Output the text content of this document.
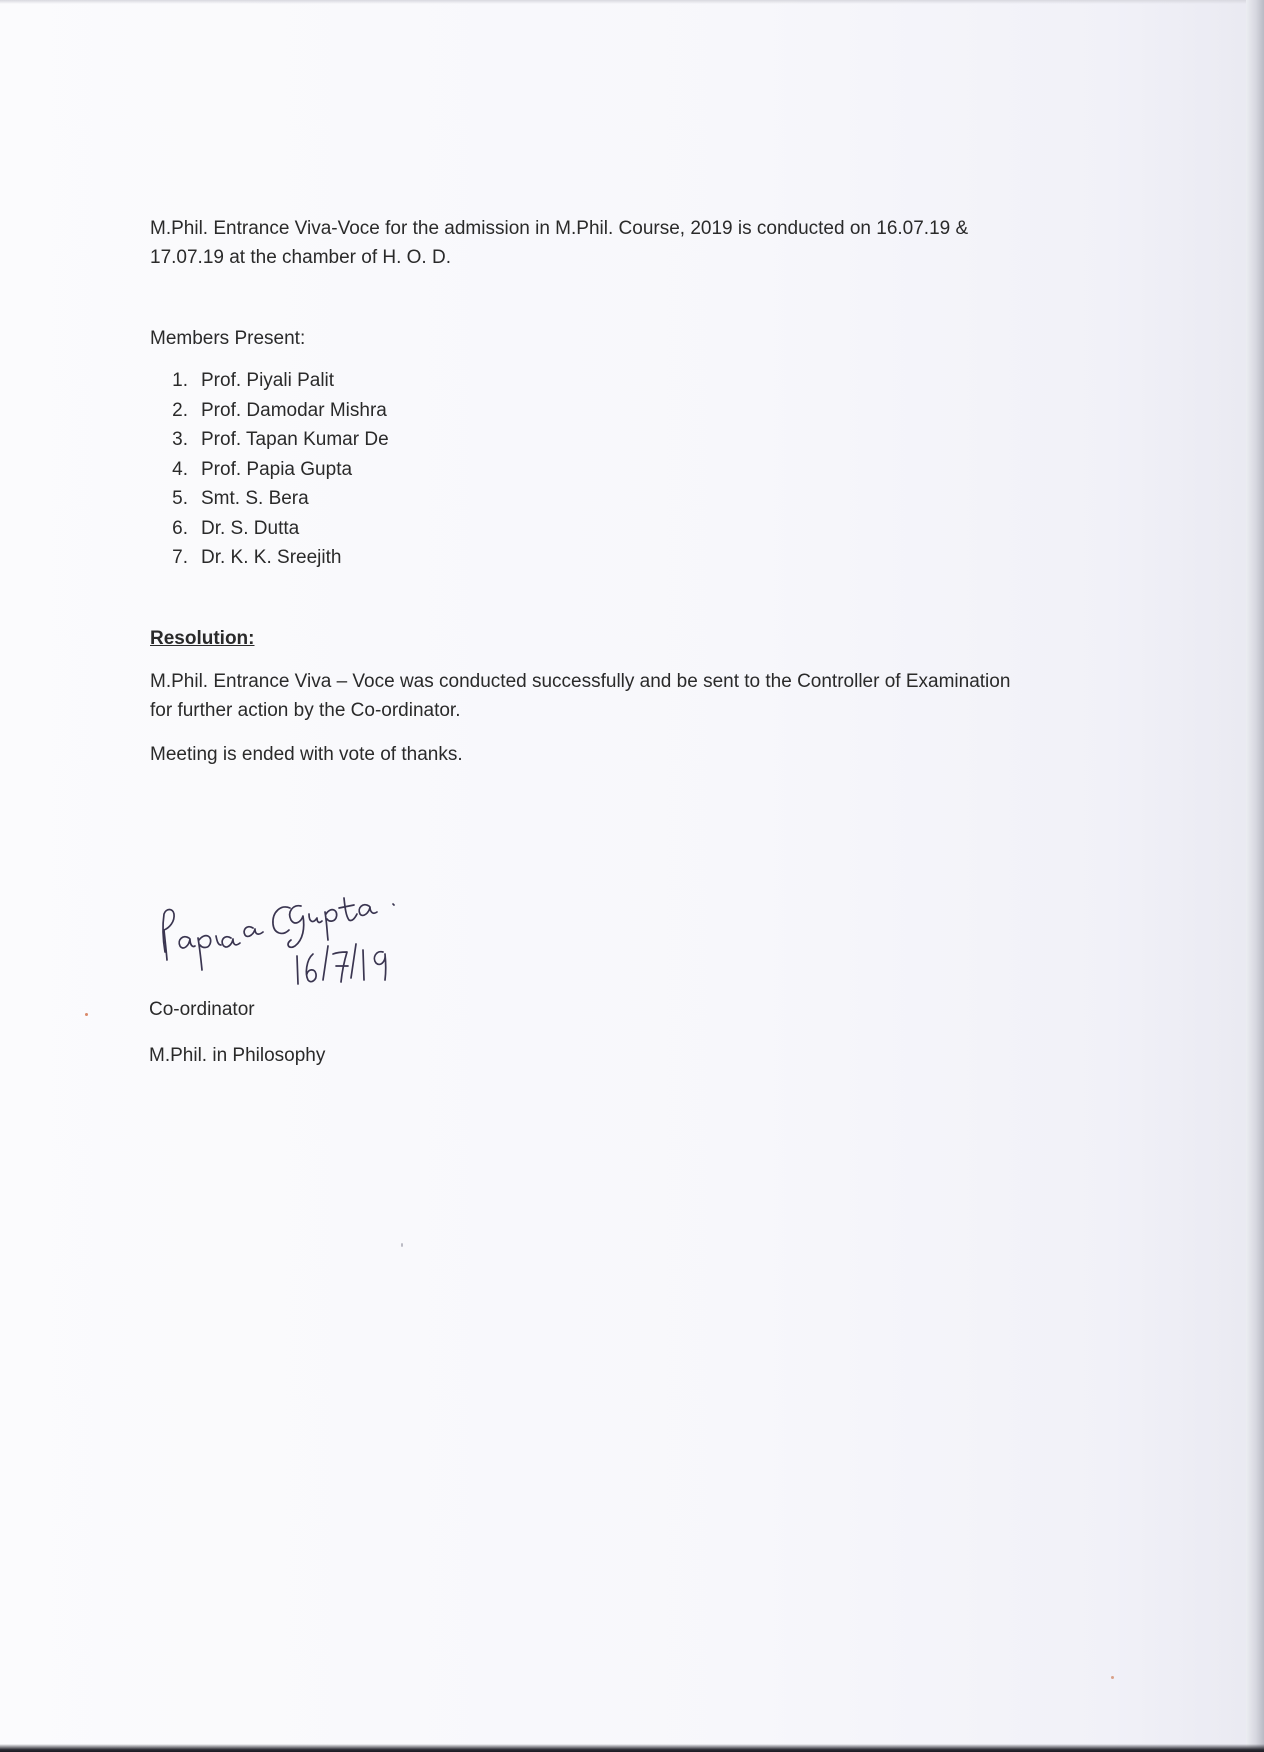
M.Phil. Entrance Viva-Voce for the admission in M.Phil. Course, 2019 is conducted on 16.07.19 &

17.07.19 at the chamber of H. O. D.

Members Present:

1. Prof. Piyali Palit
2. Prof. Damodar Mishra
3. Prof. Tapan Kumar De
4. Prof. Papia Gupta
5. Smt. S. Bera
6. Dr. S. Dutta
7. Dr. K. K. Sreejith

Resolution:

M.Phil. Entrance Viva – Voce was conducted successfully and be sent to the Controller of Examination

for further action by the Co-ordinator.

Meeting is ended with vote of thanks.

Co-ordinator
M.Phil. in Philosophy
